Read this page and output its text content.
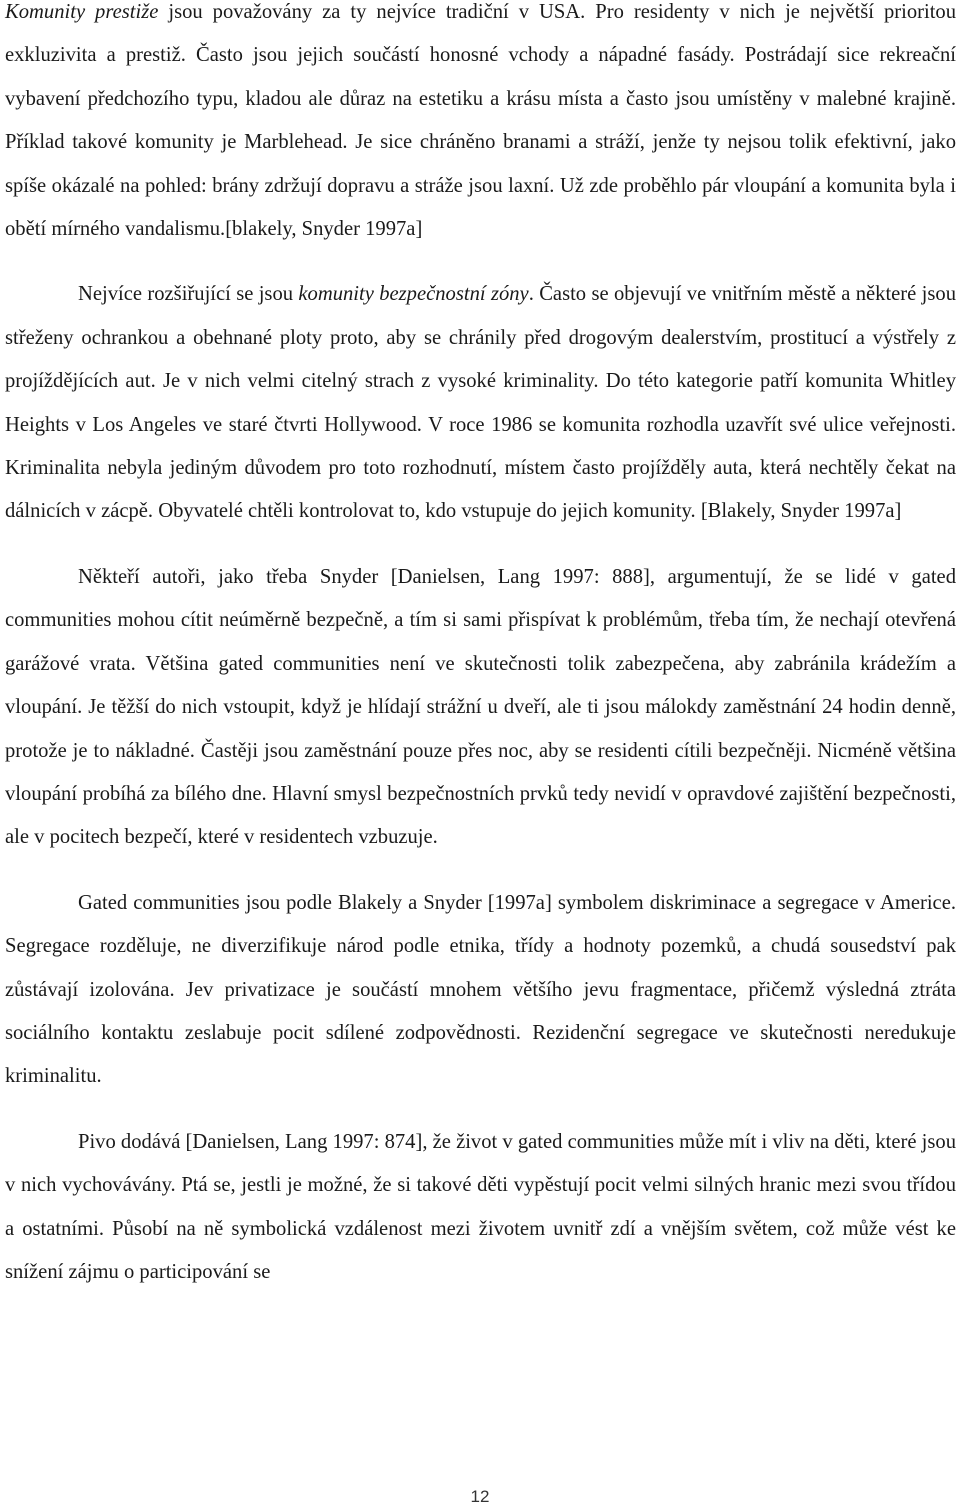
Komunity prestiže jsou považovány za ty nejvíce tradiční v USA. Pro residenty v nich je největší prioritou exkluzivita a prestiž. Často jsou jejich součástí honosné vchody a nápadné fasády. Postrádají sice rekreační vybavení předchozího typu, kladou ale důraz na estetiku a krásu místa a často jsou umístěny v malebné krajině. Příklad takové komunity je Marblehead. Je sice chráněno branami a stráží, jenže ty nejsou tolik efektivní, jako spíše okázalé na pohled: brány zdržují dopravu a stráže jsou laxní. Už zde proběhlo pár vloupání a komunita byla i obětí mírného vandalismu.[blakely, Snyder 1997a]

Nejvíce rozšiřující se jsou komunity bezpečnostní zóny. Často se objevují ve vnitřním městě a některé jsou střeženy ochrankou a obehnané ploty proto, aby se chránily před drogovým dealerstvím, prostitucí a výstřely z projíždějících aut. Je v nich velmi citelný strach z vysoké kriminality. Do této kategorie patří komunita Whitley Heights v Los Angeles ve staré čtvrti Hollywood. V roce 1986 se komunita rozhodla uzavřít své ulice veřejnosti. Kriminalita nebyla jediným důvodem pro toto rozhodnutí, místem často projížděly auta, která nechtěly čekat na dálnicích v zácpě. Obyvatelé chtěli kontrolovat to, kdo vstupuje do jejich komunity. [Blakely, Snyder 1997a]

Někteří autoři, jako třeba Snyder [Danielsen, Lang 1997: 888], argumentují, že se lidé v gated communities mohou cítit neúměrně bezpečně, a tím si sami přispívat k problémům, třeba tím, že nechají otevřená garážové vrata. Většina gated communities není ve skutečnosti tolik zabezpečena, aby zabránila krádežím a vloupání. Je těžší do nich vstoupit, když je hlídají strážní u dveří, ale ti jsou málokdy zaměstnání 24 hodin denně, protože je to nákladné. Častěji jsou zaměstnání pouze přes noc, aby se residenti cítili bezpečněji. Nicméně většina vloupání probíhá za bílého dne. Hlavní smysl bezpečnostních prvků tedy nevidí v opravdové zajištění bezpečnosti, ale v pocitech bezpečí, které v residentech vzbuzuje.

Gated communities jsou podle Blakely a Snyder [1997a] symbolem diskriminace a segregace v Americe. Segregace rozděluje, ne diverzifikuje národ podle etnika, třídy a hodnoty pozemků, a chudá sousedství pak zůstávají izolována. Jev privatizace je součástí mnohem většího jevu fragmentace, přičemž výsledná ztráta sociálního kontaktu zeslabuje pocit sdílené zodpovědnosti. Rezidenční segregace ve skutečnosti neredukuje kriminalitu.

Pivo dodává [Danielsen, Lang 1997: 874], že život v gated communities může mít i vliv na děti, které jsou v nich vychovávány. Ptá se, jestli je možné, že si takové děti vypěstují pocit velmi silných hranic mezi svou třídou a ostatními. Působí na ně symbolická vzdálenost mezi životem uvnitř zdí a vnějším světem, což může vést ke snížení zájmu o participování se

12
